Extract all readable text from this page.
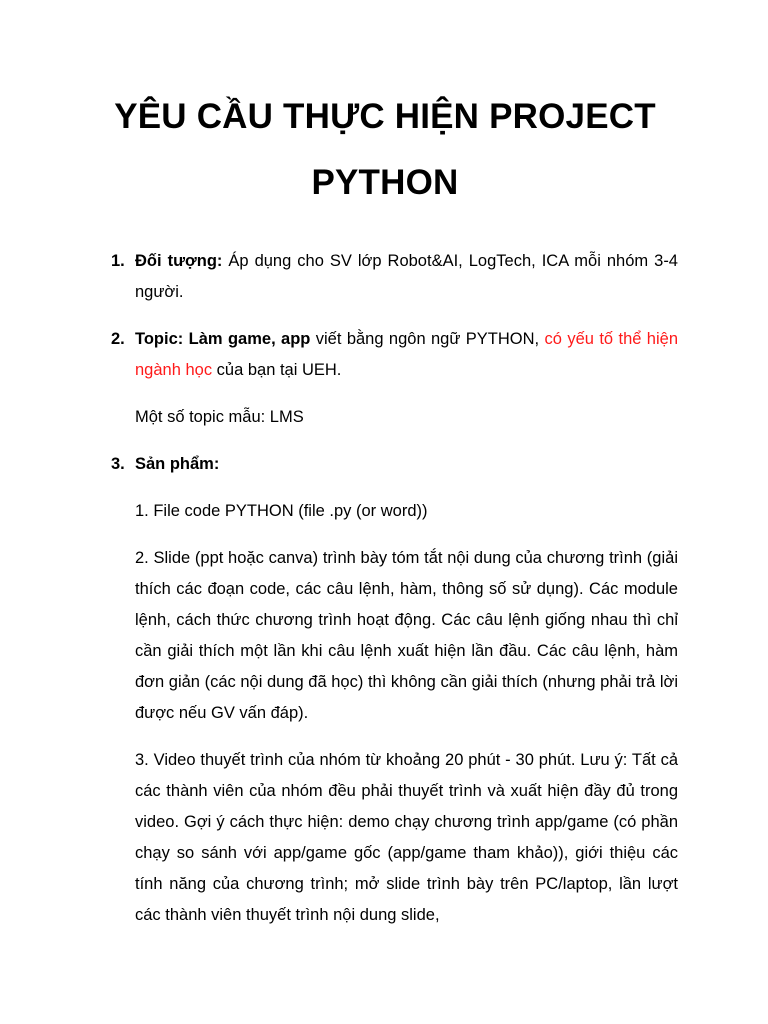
YÊU CẦU THỰC HIỆN PROJECT
PYTHON
1. Đối tượng: Áp dụng cho SV lớp Robot&AI, LogTech, ICA mỗi nhóm 3-4 người.
2. Topic: Làm game, app viết bằng ngôn ngữ PYTHON, có yếu tố thể hiện ngành học của bạn tại UEH.

Một số topic mẫu: LMS

3. Sản phẩm:

1. File code PYTHON (file .py (or word))

2. Slide (ppt hoặc canva) trình bày tóm tắt nội dung của chương trình (giải thích các đoạn code, các câu lệnh, hàm, thông số sử dụng). Các module lệnh, cách thức chương trình hoạt động. Các câu lệnh giống nhau thì chỉ cần giải thích một lần khi câu lệnh xuất hiện lần đầu. Các câu lệnh, hàm đơn giản (các nội dung đã học) thì không cần giải thích (nhưng phải trả lời được nếu GV vấn đáp).

3. Video thuyết trình của nhóm từ khoảng 20 phút - 30 phút. Lưu ý: Tất cả các thành viên của nhóm đều phải thuyết trình và xuất hiện đầy đủ trong video. Gợi ý cách thực hiện: demo chạy chương trình app/game (có phần chạy so sánh với app/game gốc (app/game tham khảo)), giới thiệu các tính năng của chương trình; mở slide trình bày trên PC/laptop, lần lượt các thành viên thuyết trình nội dung slide,
